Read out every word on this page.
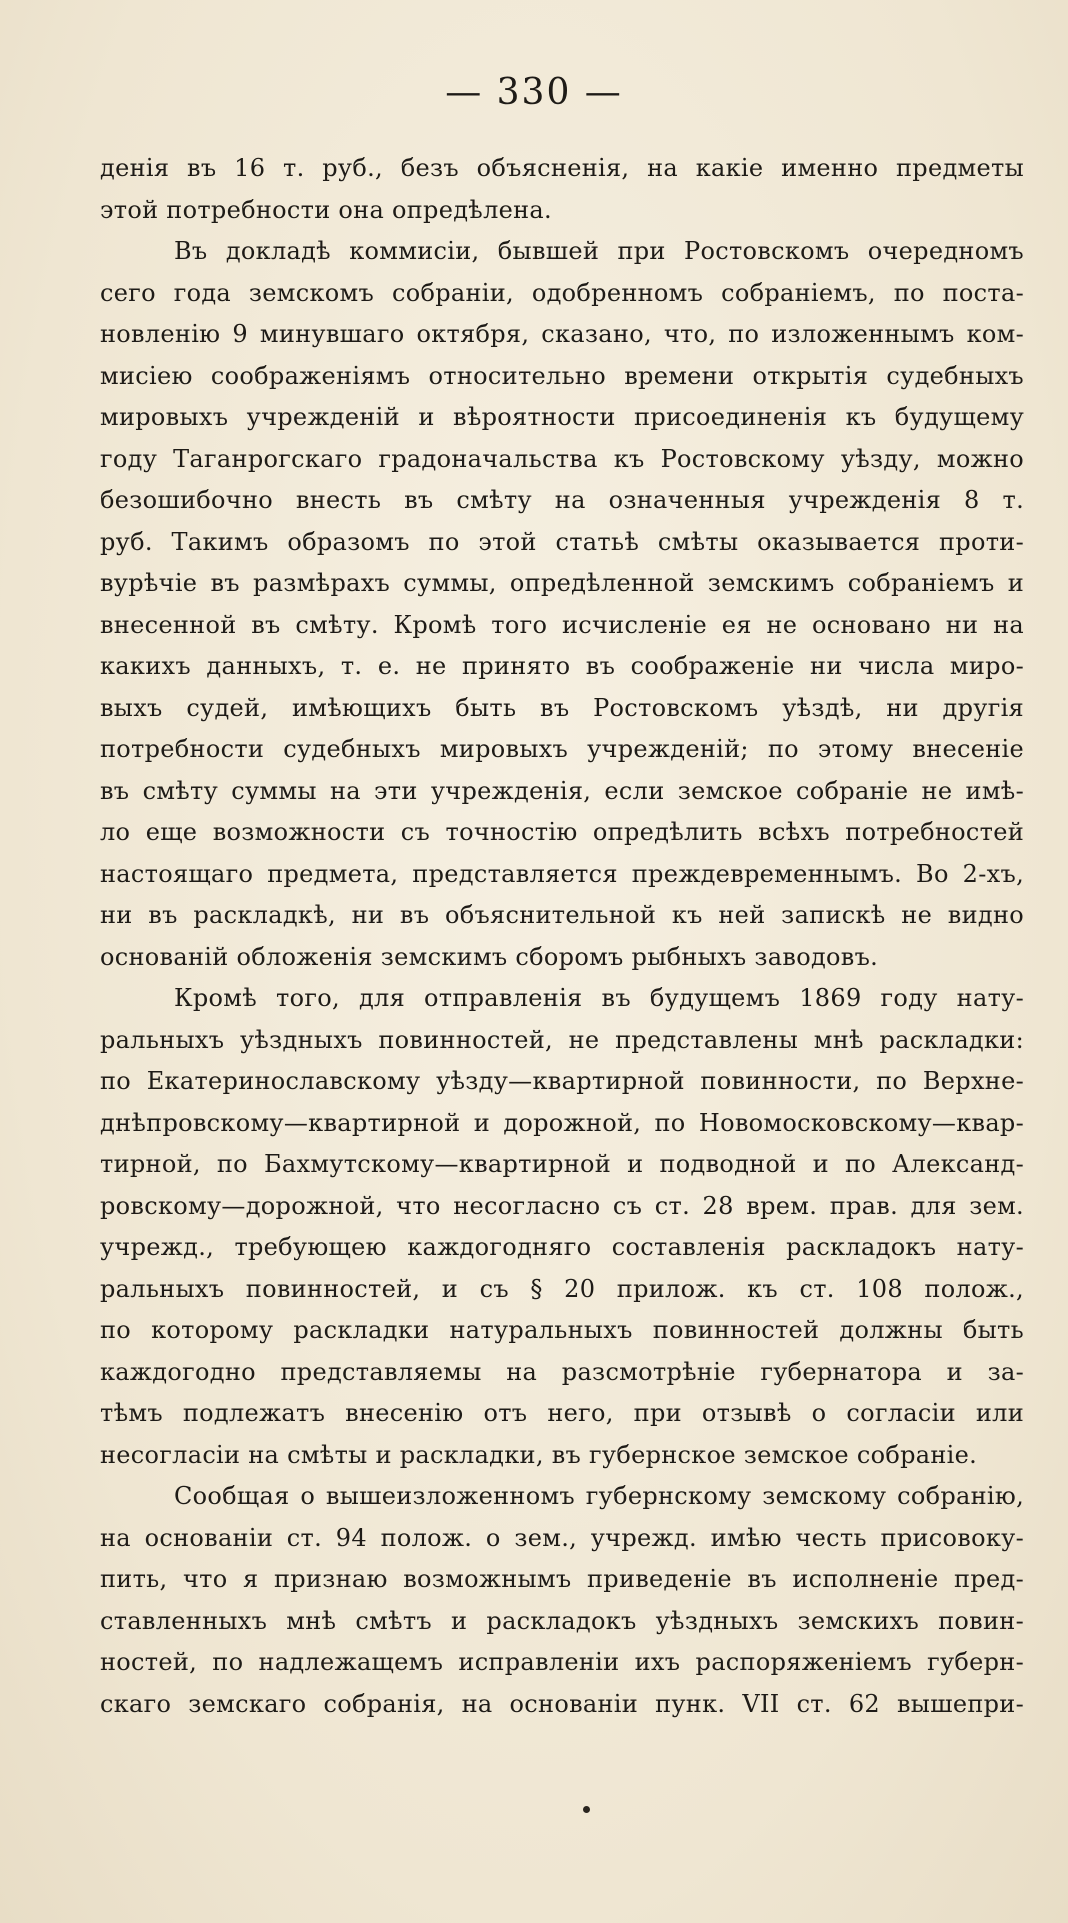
— 330 —
денія въ 16 т. руб., безъ объясненія, на какіе именно предметы
этой потребности она опредѣлена.
Въ докладѣ коммисіи, бывшей при Ростовскомъ очередномъ
сего года земскомъ собраніи, одобренномъ собраніемъ, по поста-
новленію 9 минувшаго октября, сказано, что, по изложеннымъ ком-
мисіею соображеніямъ относительно времени открытія судебныхъ
мировыхъ учрежденій и вѣроятности присоединенія къ будущему
году Таганрогскаго градоначальства къ Ростовскому уѣзду, можно
безошибочно внесть въ смѣту на означенныя учрежденія 8 т.
руб. Такимъ образомъ по этой статьѣ смѣты оказывается проти-
вурѣчіе въ размѣрахъ суммы, опредѣленной земскимъ собраніемъ и
внесенной въ смѣту. Кромѣ того исчисленіе ея не основано ни на
какихъ данныхъ, т. е. не принято въ соображеніе ни числа миро-
выхъ судей, имѣющихъ быть въ Ростовскомъ уѣздѣ, ни другія
потребности судебныхъ мировыхъ учрежденій; по этому внесеніе
въ смѣту суммы на эти учрежденія, если земское собраніе не имѣ-
ло еще возможности съ точностію опредѣлить всѣхъ потребностей
настоящаго предмета, представляется преждевременнымъ. Во 2-хъ,
ни въ раскладкѣ, ни въ объяснительной къ ней запискѣ не видно
основаній обложенія земскимъ сборомъ рыбныхъ заводовъ.
Кромѣ того, для отправленія въ будущемъ 1869 году нату-
ральныхъ уѣздныхъ повинностей, не представлены мнѣ раскладки:
по Екатеринославскому уѣзду—квартирной повинности, по Верхне-
днѣпровскому—квартирной и дорожной, по Новомосковскому—квар-
тирной, по Бахмутскому—квартирной и подводной и по Александ-
ровскому—дорожной, что несогласно съ ст. 28 врем. прав. для зем.
учрежд., требующею каждогодняго составленія раскладокъ нату-
ральныхъ повинностей, и съ § 20 прилож. къ ст. 108 полож.,
по которому раскладки натуральныхъ повинностей должны быть
каждогодно представляемы на разсмотрѣніе губернатора и за-
тѣмъ подлежатъ внесенію отъ него, при отзывѣ о согласіи или
несогласіи на смѣты и раскладки, въ губернское земское собраніе.
Сообщая о вышеизложенномъ губернскому земскому собранію,
на основаніи ст. 94 полож. о зем., учрежд. имѣю честь присовоку-
пить, что я признаю возможнымъ приведеніе въ исполненіе пред-
ставленныхъ мнѣ смѣтъ и раскладокъ уѣздныхъ земскихъ повин-
ностей, по надлежащемъ исправленіи ихъ распоряженіемъ губерн-
скаго земскаго собранія, на основаніи пунк. VII ст. 62 вышепри-
